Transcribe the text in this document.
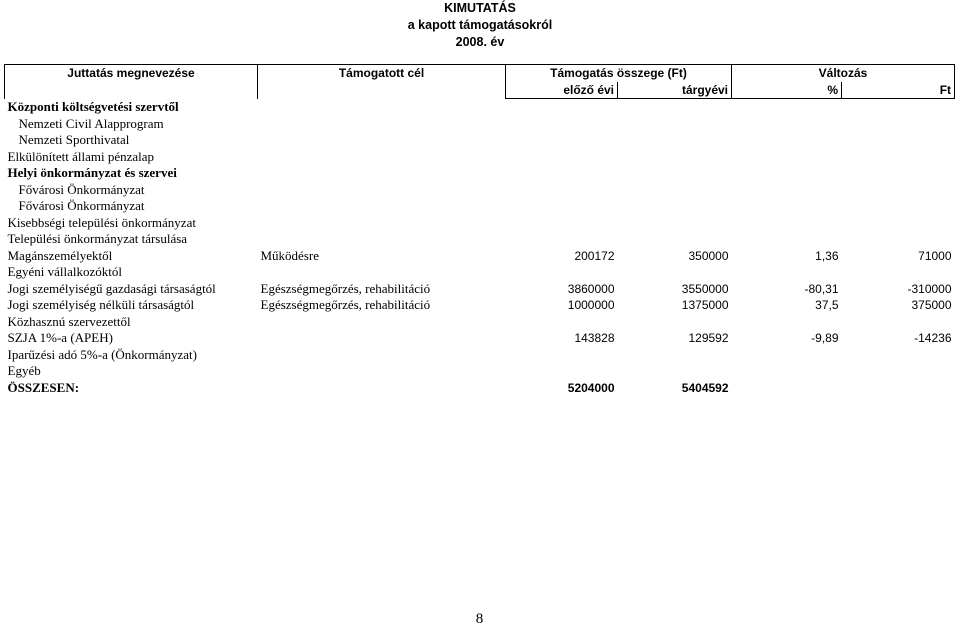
KIMUTATÁS
a kapott támogatásokról
2008. év
Juttatás megnevezése	Támogatott cél	Támogatás összege (Ft)		Változás	
		előző évi	tárgyévi	%	Ft
Központi költségvetési szervtől					
Nemzeti Civil Alapprogram					
Nemzeti Sporthivatal					
Elkülönített állami pénzalap					
Helyi önkormányzat és szervei					
Fővárosi Önkormányzat					
Fővárosi Önkormányzat					
Kisebbségi települési önkormányzat					
Települési önkormányzat társulása					
Magánszemélyektől	Működésre	200172	350000	1,36	71000
Egyéni vállalkozóktól					
Jogi személyiségű gazdasági társaságtól	Egészségmegőrzés, rehabilitáció	3860000	3550000	-80,31	-310000
Jogi személyiség nélküli társaságtól	Egészségmegőrzés, rehabilitáció	1000000	1375000	37,5	375000
Közhasznú szervezettől					
SZJA 1%-a (APEH)		143828	129592	-9,89	-14236
Iparűzési adó 5%-a (Önkormányzat)					
Egyéb					
ÖSSZESEN:		5204000	5404592		
8
